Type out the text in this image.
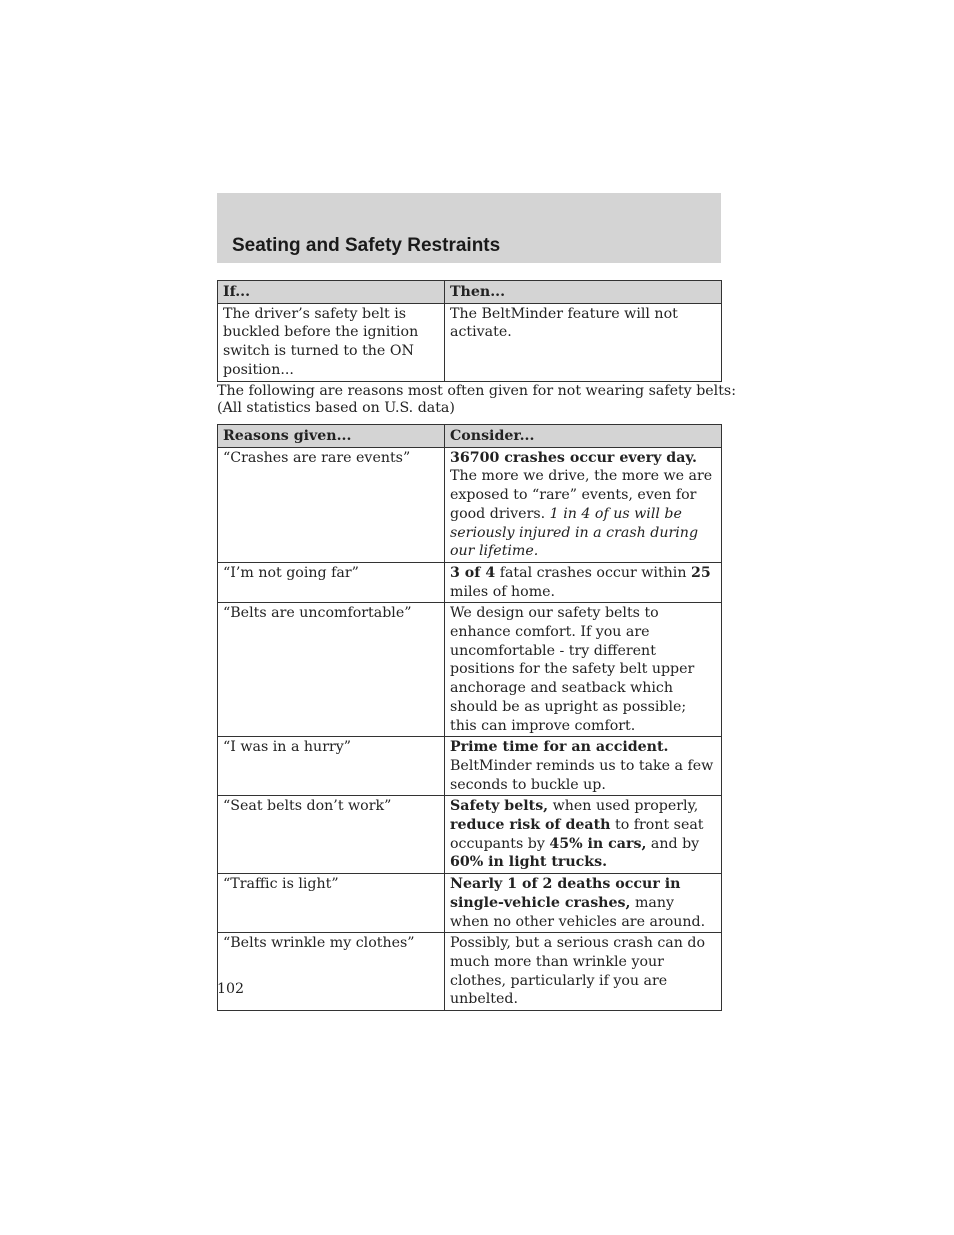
Seating and Safety Restraints
If...	Then...
The driver’s safety belt is buckled before the ignition switch is turned to the ON position...	The BeltMinder feature will not activate.

The following are reasons most often given for not wearing safety belts:
(All statistics based on U.S. data)

Reasons given...	Consider...
“Crashes are rare events”	36700 crashes occur every day. The more we drive, the more we are exposed to “rare” events, even for good drivers. 1 in 4 of us will be seriously injured in a crash during our lifetime.
“I’m not going far”	3 of 4 fatal crashes occur within 25 miles of home.
“Belts are uncomfortable”	We design our safety belts to enhance comfort. If you are uncomfortable - try different positions for the safety belt upper anchorage and seatback which should be as upright as possible; this can improve comfort.
“I was in a hurry”	Prime time for an accident. BeltMinder reminds us to take a few seconds to buckle up.
“Seat belts don’t work”	Safety belts, when used properly, reduce risk of death to front seat occupants by 45% in cars, and by 60% in light trucks.
“Traffic is light”	Nearly 1 of 2 deaths occur in single-vehicle crashes, many when no other vehicles are around.
“Belts wrinkle my clothes”	Possibly, but a serious crash can do much more than wrinkle your clothes, particularly if you are unbelted.
102
